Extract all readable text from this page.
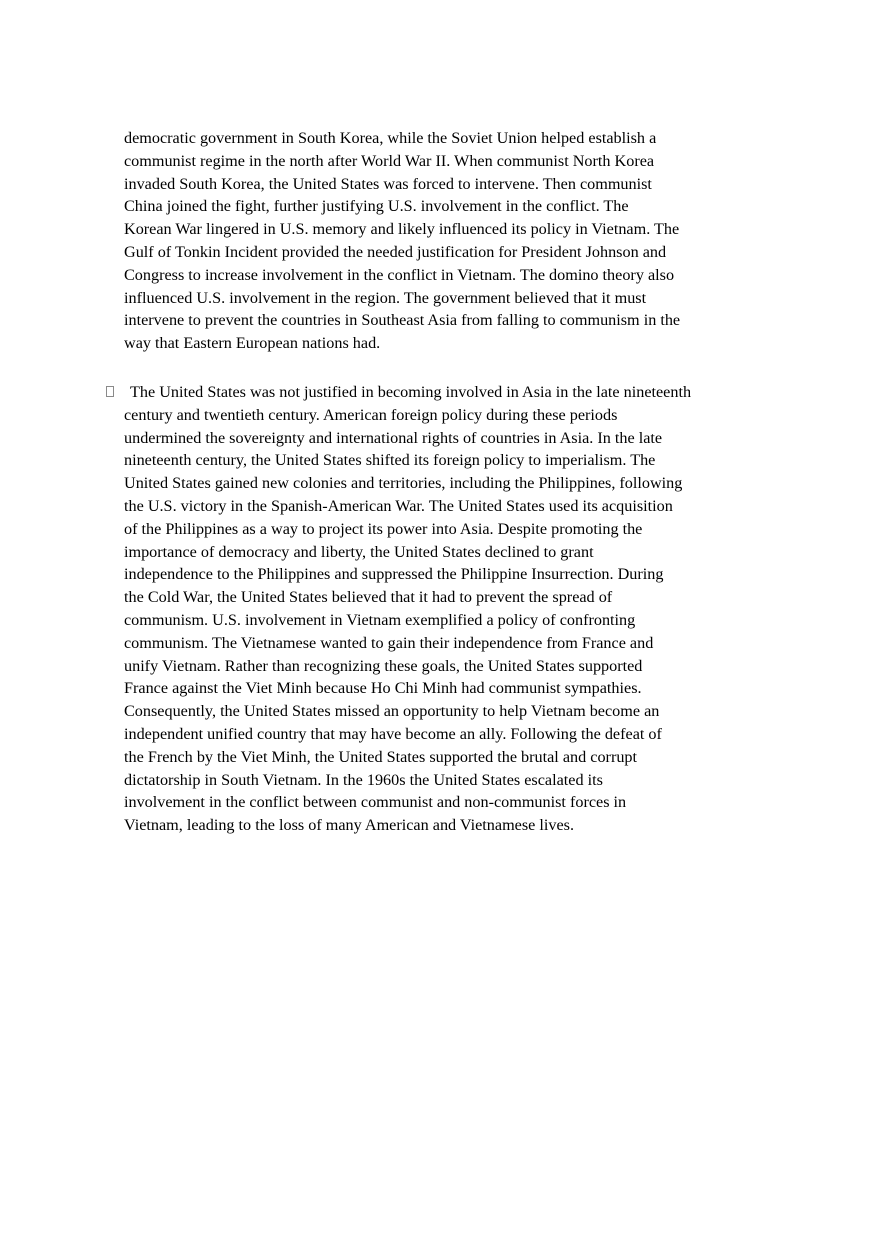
democratic government in South Korea, while the Soviet Union helped establish a
communist regime in the north after World War II. When communist North Korea
invaded South Korea, the United States was forced to intervene. Then communist
China joined the fight, further justifying U.S. involvement in the conflict. The
Korean War lingered in U.S. memory and likely influenced its policy in Vietnam. The
Gulf of Tonkin Incident provided the needed justification for President Johnson and
Congress to increase involvement in the conflict in Vietnam. The domino theory also
influenced U.S. involvement in the region. The government believed that it must
intervene to prevent the countries in Southeast Asia from falling to communism in the
way that Eastern European nations had.
The United States was not justified in becoming involved in Asia in the late nineteenth
century and twentieth century. American foreign policy during these periods
undermined the sovereignty and international rights of countries in Asia. In the late
nineteenth century, the United States shifted its foreign policy to imperialism. The
United States gained new colonies and territories, including the Philippines, following
the U.S. victory in the Spanish-American War. The United States used its acquisition
of the Philippines as a way to project its power into Asia. Despite promoting the
importance of democracy and liberty, the United States declined to grant
independence to the Philippines and suppressed the Philippine Insurrection. During
the Cold War, the United States believed that it had to prevent the spread of
communism. U.S. involvement in Vietnam exemplified a policy of confronting
communism. The Vietnamese wanted to gain their independence from France and
unify Vietnam. Rather than recognizing these goals, the United States supported
France against the Viet Minh because Ho Chi Minh had communist sympathies.
Consequently, the United States missed an opportunity to help Vietnam become an
independent unified country that may have become an ally. Following the defeat of
the French by the Viet Minh, the United States supported the brutal and corrupt
dictatorship in South Vietnam. In the 1960s the United States escalated its
involvement in the conflict between communist and non-communist forces in
Vietnam, leading to the loss of many American and Vietnamese lives.
